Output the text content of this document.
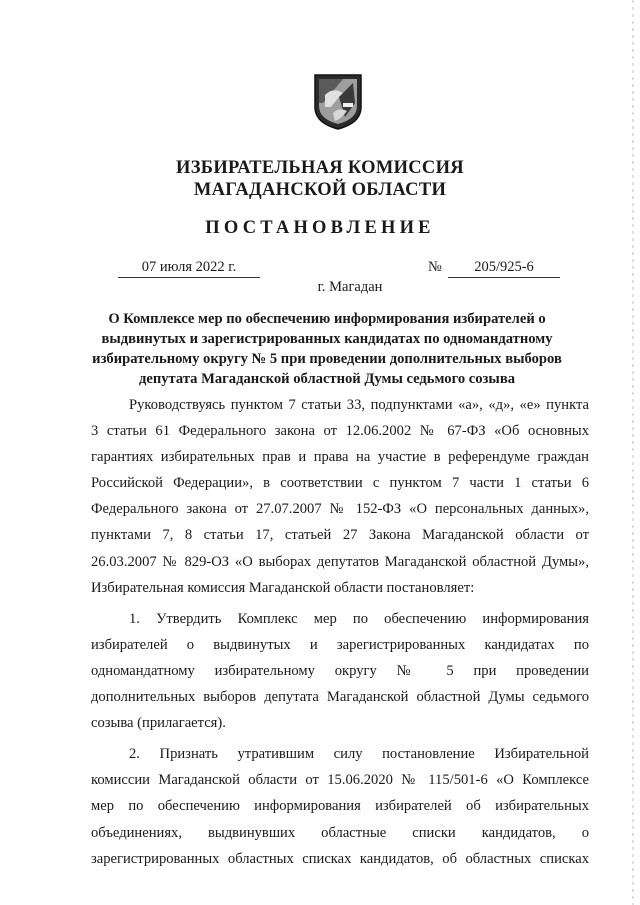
ИЗБИРАТЕЛЬНАЯ КОМИССИЯ
МАГАДАНСКОЙ ОБЛАСТИ
ПОСТАНОВЛЕНИЕ
07 июля 2022 г.	№	205/925-6
г. Магадан
О Комплексе мер по обеспечению информирования избирателей о
выдвинутых и зарегистрированных кандидатах по одномандатному
избирательному округу № 5 при проведении дополнительных выборов
депутата Магаданской областной Думы седьмого созыва
Руководствуясь пунктом 7 статьи 33, подпунктами «а», «д», «е» пункта
3 статьи 61 Федерального закона от 12.06.2002 № 67-ФЗ «Об основных
гарантиях избирательных прав и права на участие в референдуме граждан
Российской Федерации», в соответствии с пунктом 7 части 1 статьи 6
Федерального закона от 27.07.2007 № 152-ФЗ «О персональных данных»,
пунктами 7, 8 статьи 17, статьей 27 Закона Магаданской области от
26.03.2007 № 829-ОЗ «О выборах депутатов Магаданской областной Думы»,
Избирательная комиссия Магаданской области постановляет:
1. Утвердить Комплекс мер по обеспечению информирования
избирателей о выдвинутых и зарегистрированных кандидатах по
одномандатному избирательному округу № 5 при проведении
дополнительных выборов депутата Магаданской областной Думы седьмого
созыва (прилагается).
2. Признать утратившим силу постановление Избирательной
комиссии Магаданской области от 15.06.2020 № 115/501-6 «О Комплексе
мер по обеспечению информирования избирателей об избирательных
объединениях, выдвинувших областные списки кандидатов, о
зарегистрированных областных списках кандидатов, об областных списках
